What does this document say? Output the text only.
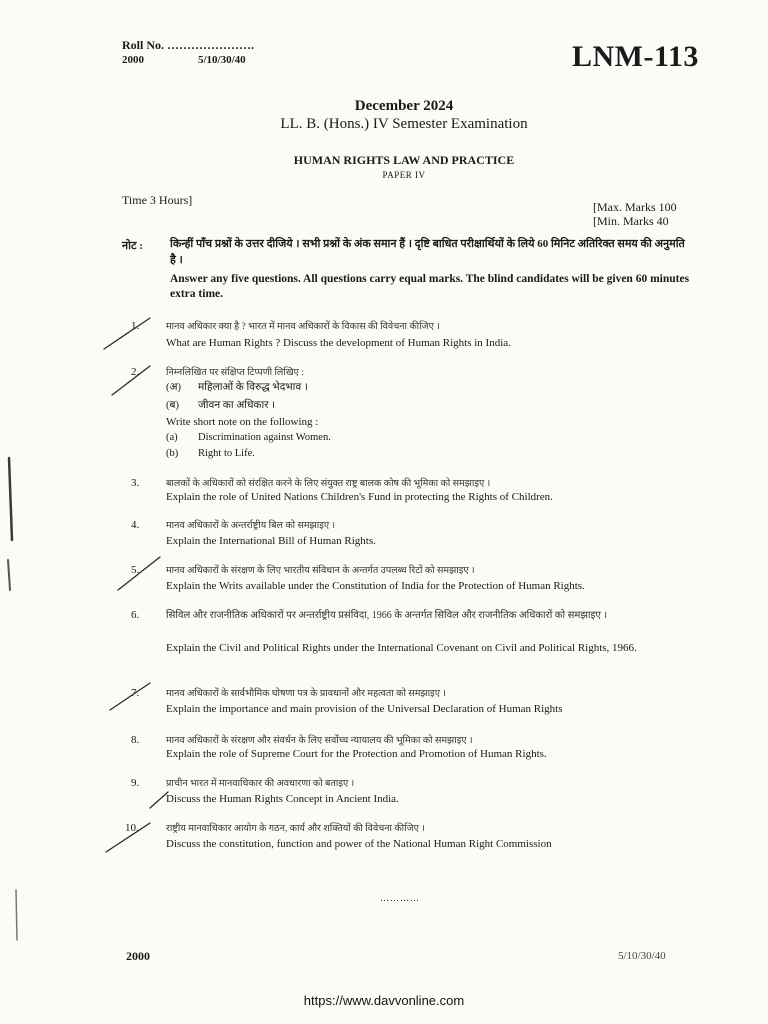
Roll No. ………………….
2000	5/10/30/40	LNM-113
December 2024
LL. B. (Hons.) IV Semester Examination
HUMAN RIGHTS LAW AND PRACTICE
PAPER IV
Time 3 Hours]	[Max. Marks 100
[Min. Marks 40
नोट : किन्हीं पाँच प्रश्नों के उत्तर दीजिये । सभी प्रश्नों के अंक समान हैं । दृष्टि बाधित परीक्षार्थियों के लिये 60 मिनिट अतिरिक्त समय की अनुमति है ।
Answer any five questions. All questions carry equal marks. The blind candidates will be given 60 minutes extra time.
1.	मानव अधिकार क्या है ? भारत में मानव अधिकारों के विकास की विवेचना कीजिए ।
What are Human Rights ? Discuss the development of Human Rights in India.
2.	निम्नलिखित पर संक्षिप्त टिप्पणी लिखिए :
(अ) महिलाओं के विरुद्ध भेदभाव ।
(ब) जीवन का अधिकार ।
Write short note on the following :
(a) Discrimination against Women.
(b) Right to Life.
3.	बालकों के अधिकारों को संरक्षित करने के लिए संयुक्त राष्ट्र बालक कोष की भूमिका को समझाइए ।
Explain the role of United Nations Children's Fund in protecting the Rights of Children.
4.	मानव अधिकारों के अन्तर्राष्ट्रीय बिल को समझाइए ।
Explain the International Bill of Human Rights.
5.	मानव अधिकारों के संरक्षण के लिए भारतीय संविधान के अन्तर्गत उपलब्ध रिटों को समझाइए ।
Explain the Writs available under the Constitution of India for the Protection of Human Rights.
6.	सिविल और राजनीतिक अधिकारों पर अन्तर्राष्ट्रीय प्रसंविदा, 1966 के अन्तर्गत सिविल और राजनीतिक अधिकारों को समझाइए ।
Explain the Civil and Political Rights under the International Covenant on Civil and Political Rights, 1966.
7.	मानव अधिकारों के सार्वभौमिक घोषणा पत्र के प्रावधानों और महत्वता को समझाइए ।
Explain the importance and main provision of the Universal Declaration of Human Rights
8.	मानव अधिकारों के संरक्षण और संवर्धन के लिए सर्वोच्च न्यायालय की भूमिका को समझाइए ।
Explain the role of Supreme Court for the Protection and Promotion of Human Rights.
9.	प्राचीन भारत में मानवाधिकार की अवधारणा को बताइए ।
Discuss the Human Rights Concept in Ancient India.
10.	राष्ट्रीय मानवाधिकार आयोग के गठन, कार्य और शक्तियों की विवेचना कीजिए ।
Discuss the constitution, function and power of the National Human Right Commission
…………
2000	5/10/30/40
https://www.davvonline.com
